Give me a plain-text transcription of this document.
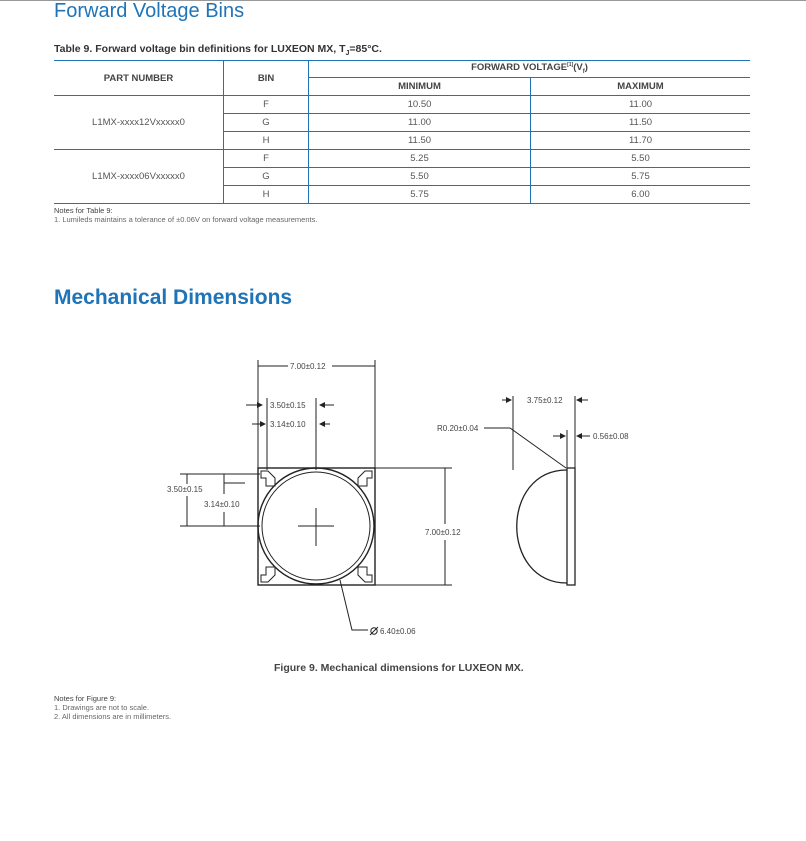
Forward Voltage Bins
Table 9. Forward voltage bin definitions for LUXEON MX, $T_J=85^\circ C$.
PART NUMBER	BIN	FORWARD $VOLTAGE[1](V_f)$	
		MINIMUM	MAXIMUM
L1MX-xxxx12Vxxxxx0	F	10.50	11.00
	G	11.00	11.50
	H	11.50	11.70
L1MX-xxxx06Vxxxxx0	F	5.25	5.50
	G	5.50	5.75
	H	5.75	6.00
Notes for Table 9:
1. Lumileds maintains a tolerance of ±0.06V on forward voltage measurements.
Mechanical Dimensions
7.00±0.12
3.50±0.15
3.14±0.10
3.50±0.15
3.14±0.10
7.00±0.12
R0.20±0.04
3.75±0.12
0.56±0.08
6.40±0.06
Figure 9. Mechanical dimensions for LUXEON MX.
Notes for Figure 9:
1. Drawings are not to scale.
2. All dimensions are in millimeters.
